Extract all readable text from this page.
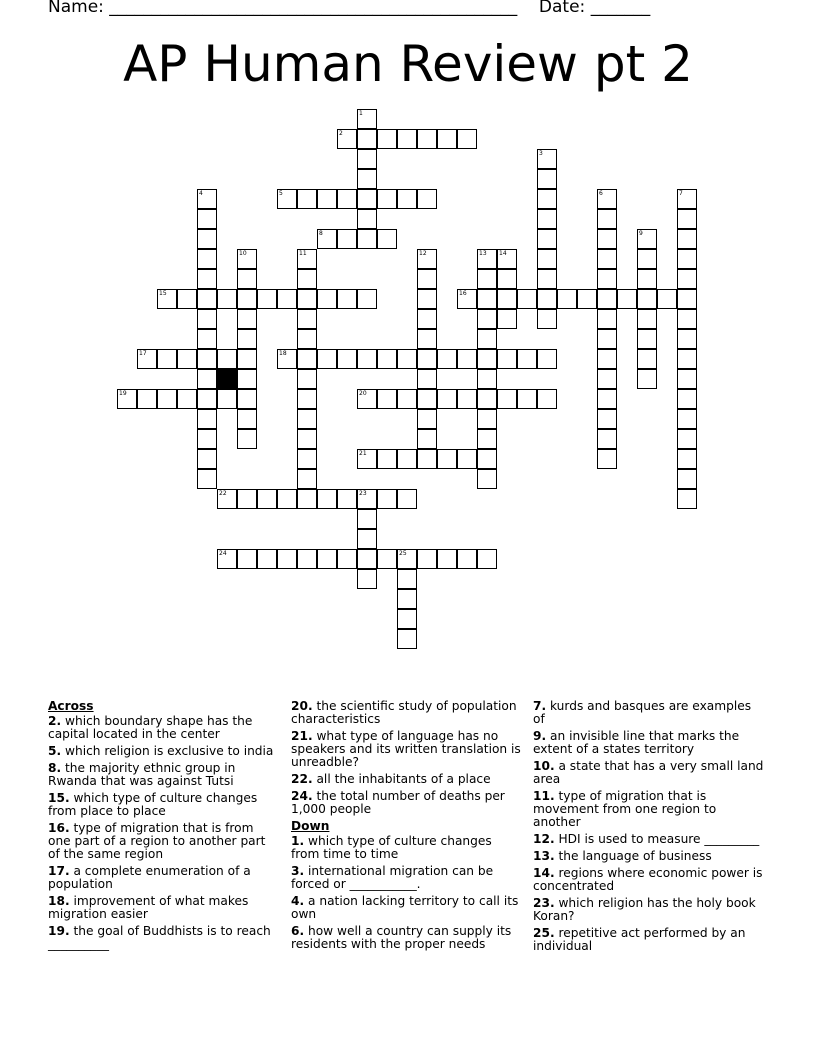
Name: ________________________________________________ Date: _______
AP Human Review pt 2
1
2
3
4	5	6	7
8	9
10	11	12	13 14
15	16
17	18
19	20
21
22	23
24	25
Across
2. which boundary shape has the capital located in the center
5. which religion is exclusive to india
8. the majority ethnic group in Rwanda that was against Tutsi
15. which type of culture changes from place to place
16. type of migration that is from one part of a region to another part of the same region
17. a complete enumeration of a population
18. improvement of what makes migration easier
19. the goal of Buddhists is to reach __________
20. the scientific study of population characteristics
21. what type of language has no speakers and its written translation is unreadble?
22. all the inhabitants of a place
24. the total number of deaths per 1,000 people
Down
1. which type of culture changes from time to time
3. international migration can be forced or ___________.
4. a nation lacking territory to call its own
6. how well a country can supply its residents with the proper needs
7. kurds and basques are examples of
9. an invisible line that marks the extent of a states territory
10. a state that has a very small land area
11. type of migration that is movement from one region to another
12. HDI is used to measure _________
13. the language of business
14. regions where economic power is concentrated
23. which religion has the holy book Koran?
25. repetitive act performed by an individual
